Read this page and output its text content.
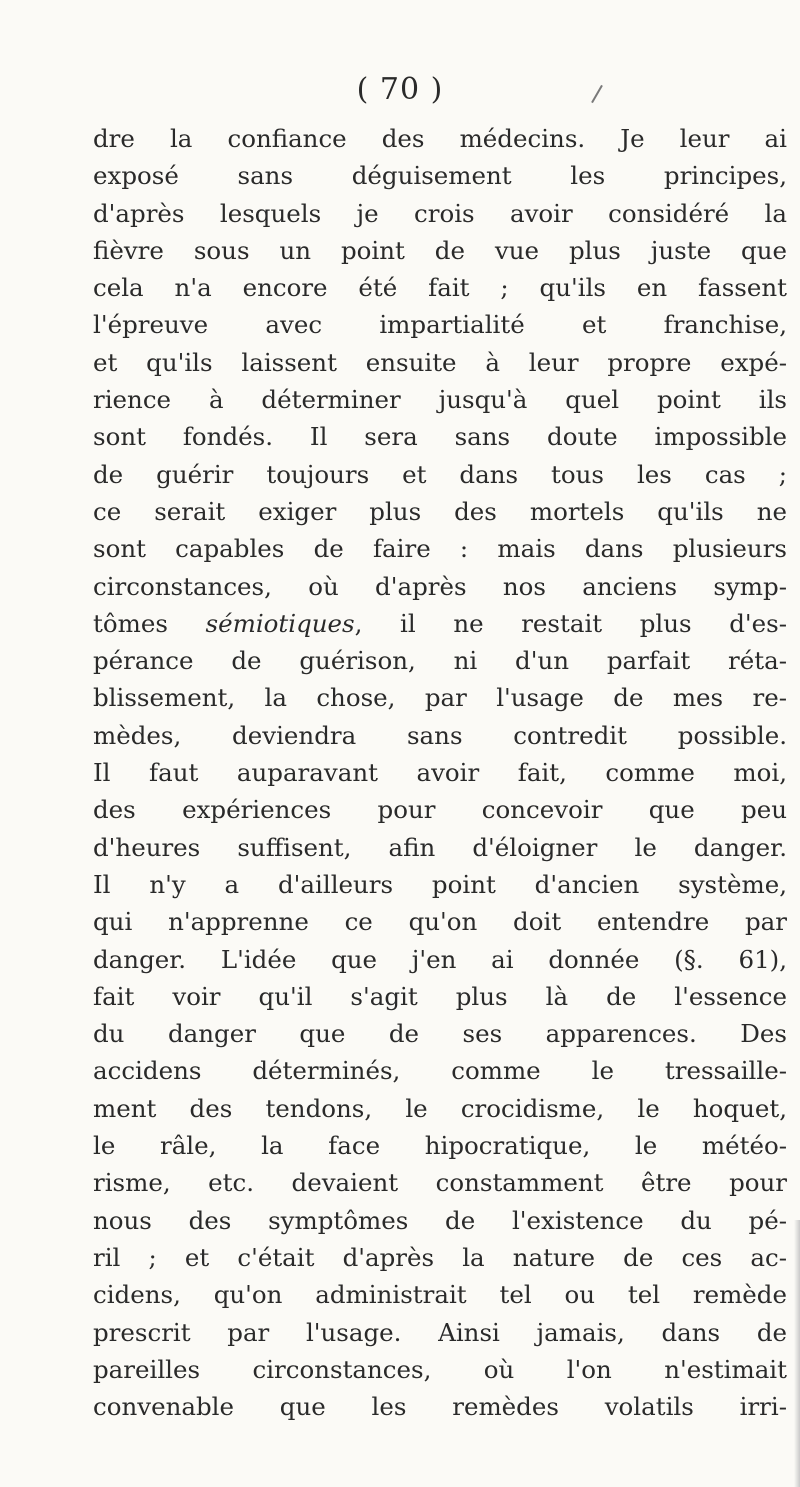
( 70 )
dre la confiance des médecins. Je leur ai
exposé sans déguisement les principes,
d'après lesquels je crois avoir considéré la
fièvre sous un point de vue plus juste que
cela n'a encore été fait ; qu'ils en fassent
l'épreuve avec impartialité et franchise,
et qu'ils laissent ensuite à leur propre expé-
rience à déterminer jusqu'à quel point ils
sont fondés. Il sera sans doute impossible
de guérir toujours et dans tous les cas ;
ce serait exiger plus des mortels qu'ils ne
sont capables de faire : mais dans plusieurs
circonstances, où d'après nos anciens symp-
tômes sémiotiques, il ne restait plus d'es-
pérance de guérison, ni d'un parfait réta-
blissement, la chose, par l'usage de mes re-
mèdes, deviendra sans contredit possible.
Il faut auparavant avoir fait, comme moi,
des expériences pour concevoir que peu
d'heures suffisent, afin d'éloigner le danger.
Il n'y a d'ailleurs point d'ancien système,
qui n'apprenne ce qu'on doit entendre par
danger. L'idée que j'en ai donnée (§. 61),
fait voir qu'il s'agit plus là de l'essence
du danger que de ses apparences. Des
accidens déterminés, comme le tressaille-
ment des tendons, le crocidisme, le hoquet,
le râle, la face hipocratique, le météo-
risme, etc. devaient constamment être pour
nous des symptômes de l'existence du pé-
ril ; et c'était d'après la nature de ces ac-
cidens, qu'on administrait tel ou tel remède
prescrit par l'usage. Ainsi jamais, dans de
pareilles circonstances, où l'on n'estimait
convenable que les remèdes volatils irri-
